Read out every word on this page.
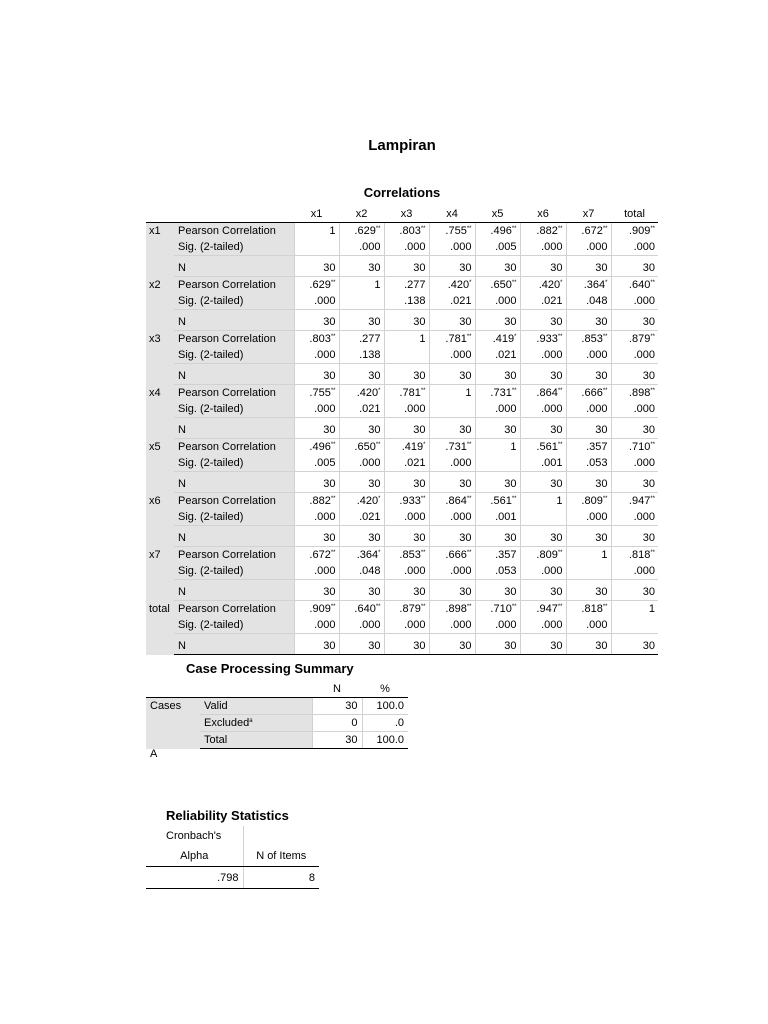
Lampiran
Correlations
		x1	x2	x3	x4	x5	x6	x7	total
x1	Pearson Correlation	1	.629**	.803**	.755**	.496**	.882**	.672**	.909**
	Sig. (2-tailed)		.000	.000	.000	.005	.000	.000	.000

	N	30	30	30	30	30	30	30	30
x2	Pearson Correlation	.629**	1	.277	.420*	.650**	.420*	.364*	.640**
	Sig. (2-tailed)	.000		.138	.021	.000	.021	.048	.000

	N	30	30	30	30	30	30	30	30
x3	Pearson Correlation	.803**	.277	1	.781**	.419*	.933**	.853**	.879**
	Sig. (2-tailed)	.000	.138		.000	.021	.000	.000	.000

	N	30	30	30	30	30	30	30	30
x4	Pearson Correlation	.755**	.420*	.781**	1	.731**	.864**	.666**	.898**
	Sig. (2-tailed)	.000	.021	.000		.000	.000	.000	.000

	N	30	30	30	30	30	30	30	30
x5	Pearson Correlation	.496**	.650**	.419*	.731**	1	.561**	.357	.710**
	Sig. (2-tailed)	.005	.000	.021	.000		.001	.053	.000

	N	30	30	30	30	30	30	30	30
x6	Pearson Correlation	.882**	.420*	.933**	.864**	.561**	1	.809**	.947**
	Sig. (2-tailed)	.000	.021	.000	.000	.001		.000	.000

	N	30	30	30	30	30	30	30	30
x7	Pearson Correlation	.672**	.364*	.853**	.666**	.357	.809**	1	.818**
	Sig. (2-tailed)	.000	.048	.000	.000	.053	.000		.000

	N	30	30	30	30	30	30	30	30
total	Pearson Correlation	.909**	.640**	.879**	.898**	.710**	.947**	.818**	1
	Sig. (2-tailed)	.000	.000	.000	.000	.000	.000	.000	

	N	30	30	30	30	30	30	30	30
Case Processing Summary
		N	%
Cases	Valid	30	100.0
	Excluded$^a$	0	.0
	Total	30	100.0
A
Reliability Statistics
Cronbach's	
Alpha	N of Items
.798	8
